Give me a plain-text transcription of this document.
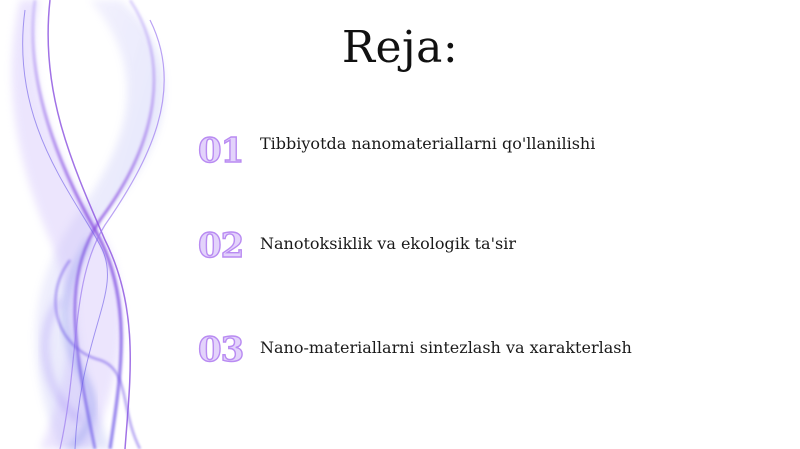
Reja:
01	Tibbiyotda nanomateriallarni qo'llanilishi
02	Nanotoksiklik va ekologik ta'sir
03	Nano-materiallarni sintezlash va xarakterlash
